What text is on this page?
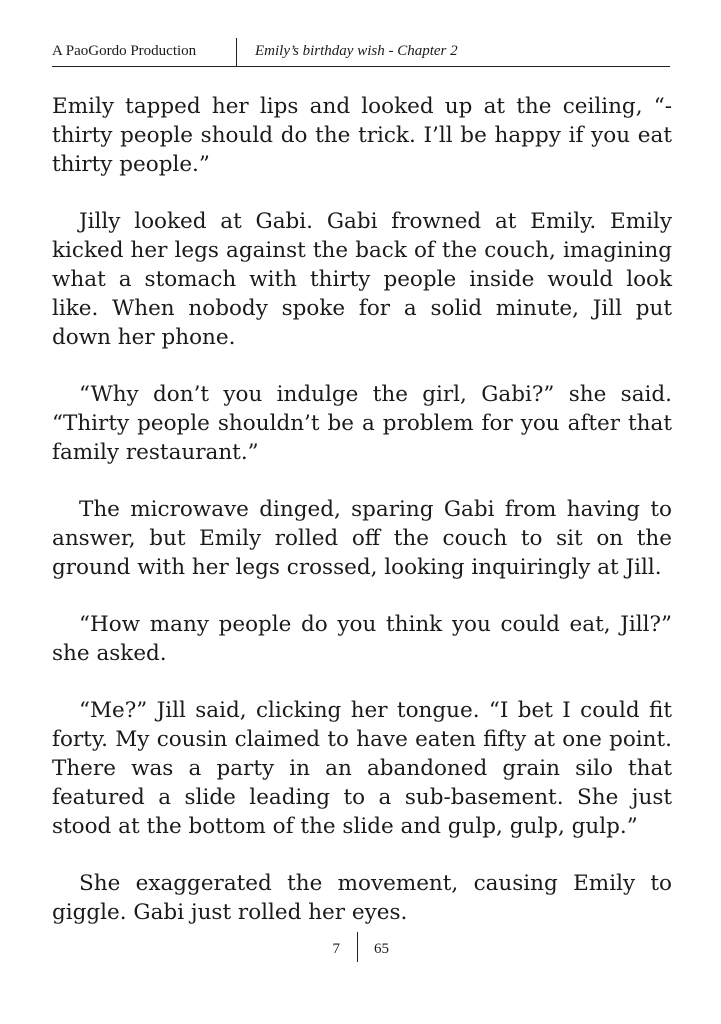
A PaoGordo Production	Emily’s birthday wish - Chapter 2

Emily tapped her lips and looked up at the ceiling, “-thirty people should do the trick. I’ll be happy if you eat thirty people.”

Jilly looked at Gabi. Gabi frowned at Emily. Emily kicked her legs against the back of the couch, imagining what a stomach with thirty people inside would look like. When nobody spoke for a solid minute, Jill put down her phone.

“Why don’t you indulge the girl, Gabi?” she said. “Thirty people shouldn’t be a problem for you after that family restaurant.”

The microwave dinged, sparing Gabi from having to answer, but Emily rolled off the couch to sit on the ground with her legs crossed, looking inquiringly at Jill.

“How many people do you think you could eat, Jill?” she asked.

“Me?” Jill said, clicking her tongue. “I bet I could fit forty. My cousin claimed to have eaten fifty at one point. There was a party in an abandoned grain silo that featured a slide leading to a sub-basement. She just stood at the bottom of the slide and gulp, gulp, gulp.”

She exaggerated the movement, causing Emily to giggle. Gabi just rolled her eyes.

7 65
